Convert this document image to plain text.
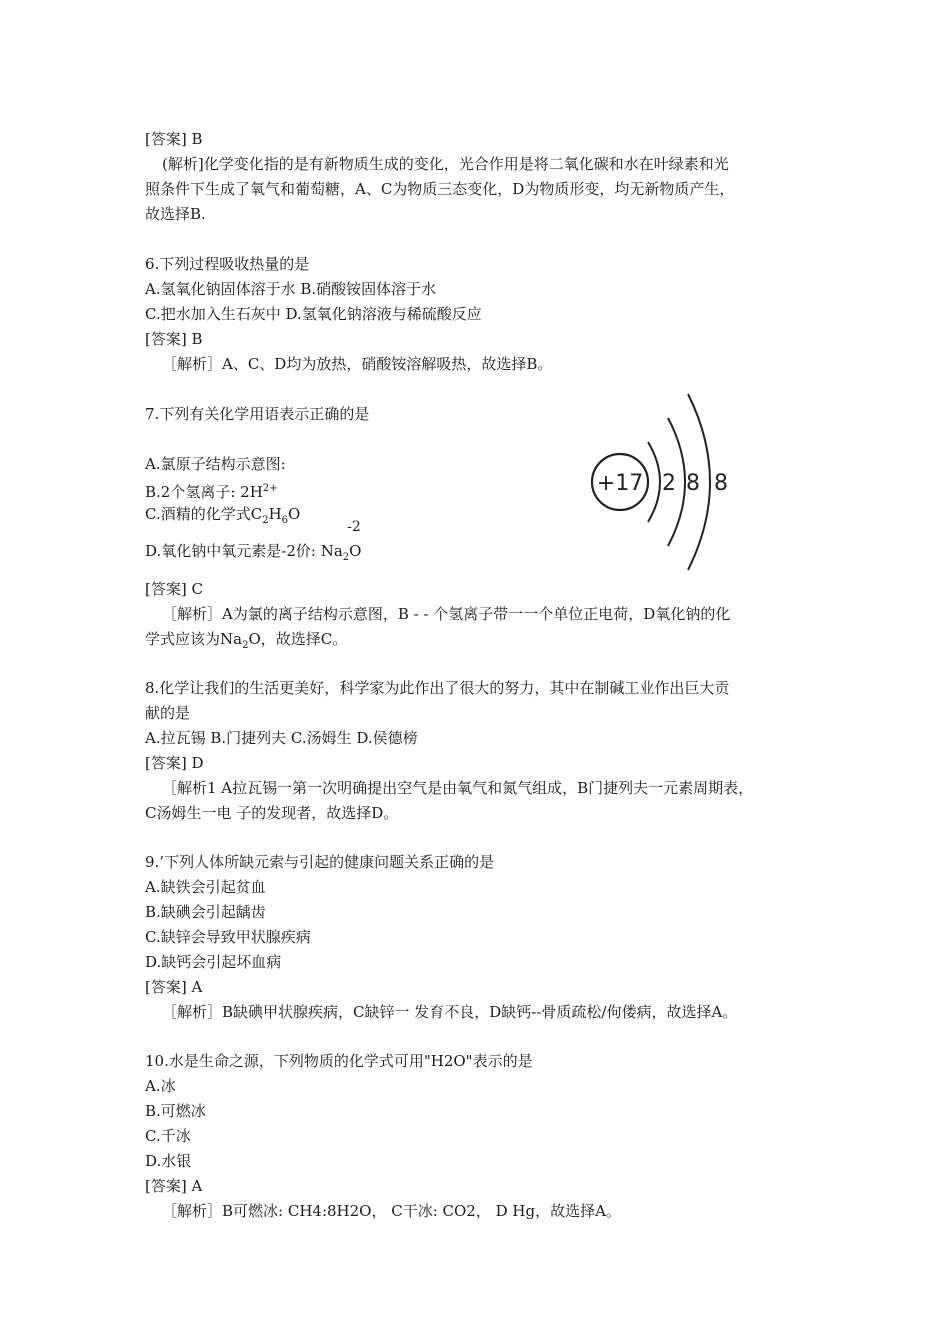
[答案] B
(解析]化学变化指的是有新物质生成的变化，光合作用是将二氧化碳和水在叶绿素和光
照条件下生成了氧气和葡萄糖，A、C为物质三态变化，D为物质形变，均无新物质产生，
故选择B.
6.下列过程吸收热量的是
A.氢氧化钠固体溶于水 B.硝酸铵固体溶于水
C.把水加入生石灰中 D.氢氧化钠溶液与稀硫酸反应
[答案] B
［解析］A、C、D均为放热，硝酸铵溶解吸热，故选择B。
7.下列有关化学用语表示正确的是
A.氯原子结构示意图:
B.2个氢离子: $2H^{2+}$
C.酒精的化学式$C_2H_6O$
D.氧化钠中氧元素是-2价: $Na_2$
-2
O
+17 2 8 8
[答案] C
［解析］A为氯的离子结构示意图，B - - 个氢离子带一一个单位正电荷，D氧化钠的化
学式应该为$Na_2O$，故选择C。
8.化学让我们的生活更美好，科学家为此作出了很大的努力，其中在制碱工业作出巨大贡
献的是
A.拉瓦锡 B.门捷列夫 C.汤姆生 D.侯德榜
[答案] D
［解析1 A拉瓦锡一第一次明确提出空气是由氧气和氮气组成，B门捷列夫一元素周期表，
C汤姆生一电 子的发现者，故选择D。
9.’下列人体所缺元索与引起的健康问题关系正确的是
A.缺铁会引起贫血
B.缺碘会引起龋齿
C.缺锌会导致甲状腺疾病
D.缺钙会引起坏血病
[答案] A
［解析］B缺碘甲状腺疾病，C缺锌一 发育不良，D缺钙--骨质疏松/佝偻病，故选择A。
10.水是生命之源，下列物质的化学式可用"H2O"表示的是
A.冰
B.可燃冰
C.千冰
D.水银
[答案] A
［解析］B可燃冰: CH4:8H2O， C干冰: CO2， D Hg，故选择A。
